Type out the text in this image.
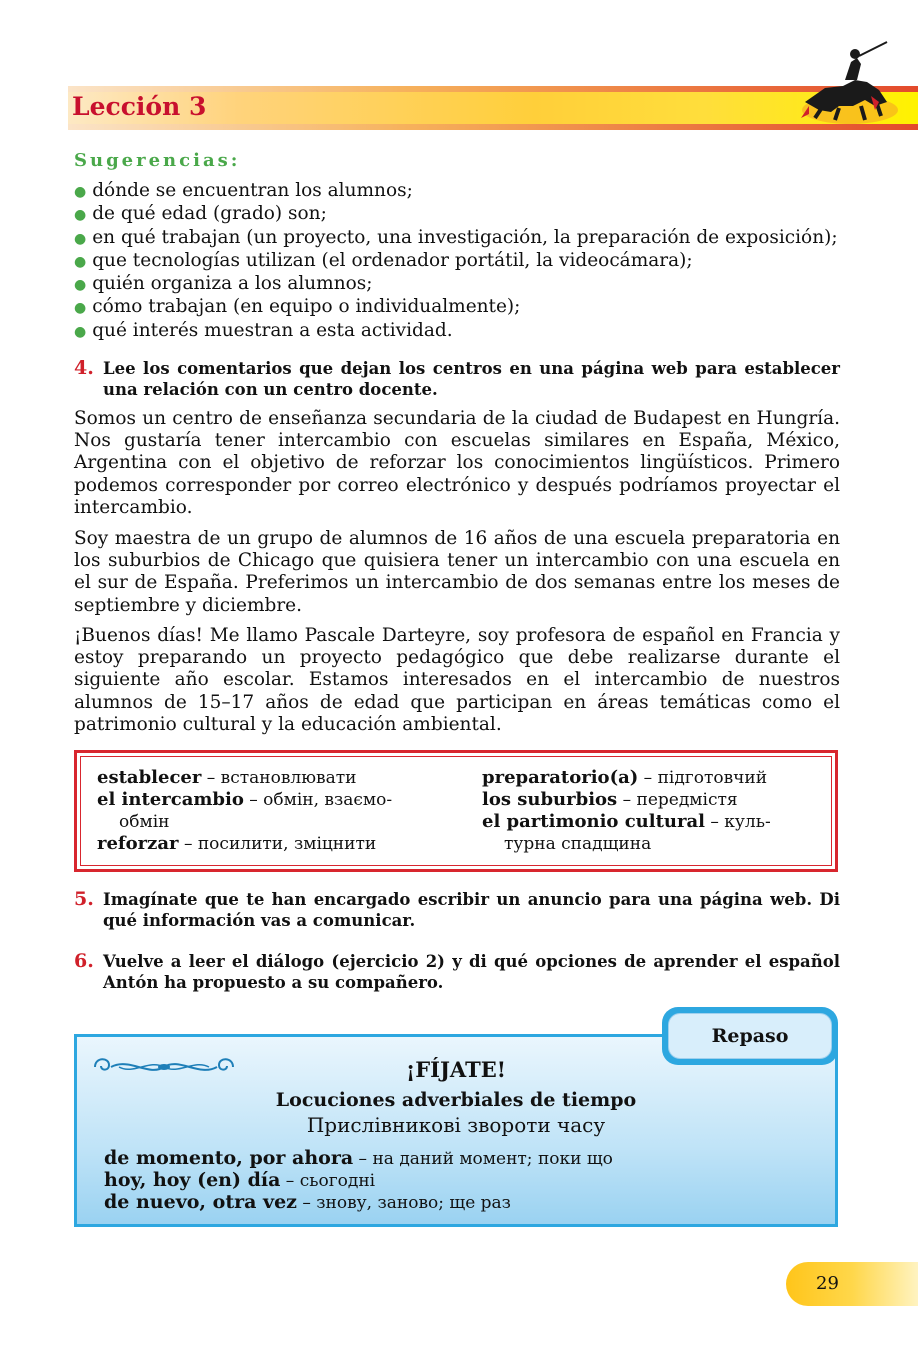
Lección 3
Sugerencias:
● dónde se encuentran los alumnos;
● de qué edad (grado) son;
● en qué trabajan (un proyecto, una investigación, la preparación de exposición);
● que tecnologías utilizan (el ordenador portátil, la videocámara);
● quién organiza a los alumnos;
● cómo trabajan (en equipo o individualmente);
● qué interés muestran a esta actividad.
4. Lee los comentarios que dejan los centros en una página web para establecer una relación con un centro docente.
Somos un centro de enseñanza secundaria de la ciudad de Budapest en Hungría. Nos gustaría tener intercambio con escuelas similares en España, México, Argentina con el objetivo de reforzar los conocimientos lingüísticos. Primero podemos corresponder por correo electrónico y después podríamos proyectar el intercambio.
Soy maestra de un grupo de alumnos de 16 años de una escuela preparatoria en los suburbios de Chicago que quisiera tener un intercambio con una escuela en el sur de España. Preferimos un intercambio de dos semanas entre los meses de septiembre y diciembre.
¡Buenos días! Me llamo Pascale Darteyre, soy profesora de español en Francia y estoy preparando un proyecto pedagógico que debe realizarse durante el siguiente año escolar. Estamos interesados en el intercambio de nuestros alumnos de 15–17 años de edad que participan en áreas temáticas como el patrimonio cultural y la educación ambiental.
establecer – встановлювати
el intercambio – обмін, взаємо-
обмін
reforzar – посилити, зміцнити
preparatorio(a) – підготовчий
los suburbios – передмістя
el partimonio cultural – куль-
турна спадщина
5. Imagínate que te han encargado escribir un anuncio para una página web. Di qué información vas a comunicar.
6. Vuelve a leer el diálogo (ejercicio 2) y di qué opciones de aprender el español Antón ha propuesto a su compañero.
¡FÍJATE!
Locuciones adverbiales de tiempo
Прислівникові звороти часу
de momento, por ahora – на даний момент; поки що
hoy, hoy (en) día – сьогодні
de nuevo, otra vez – знову, заново; ще раз
Repaso
29
